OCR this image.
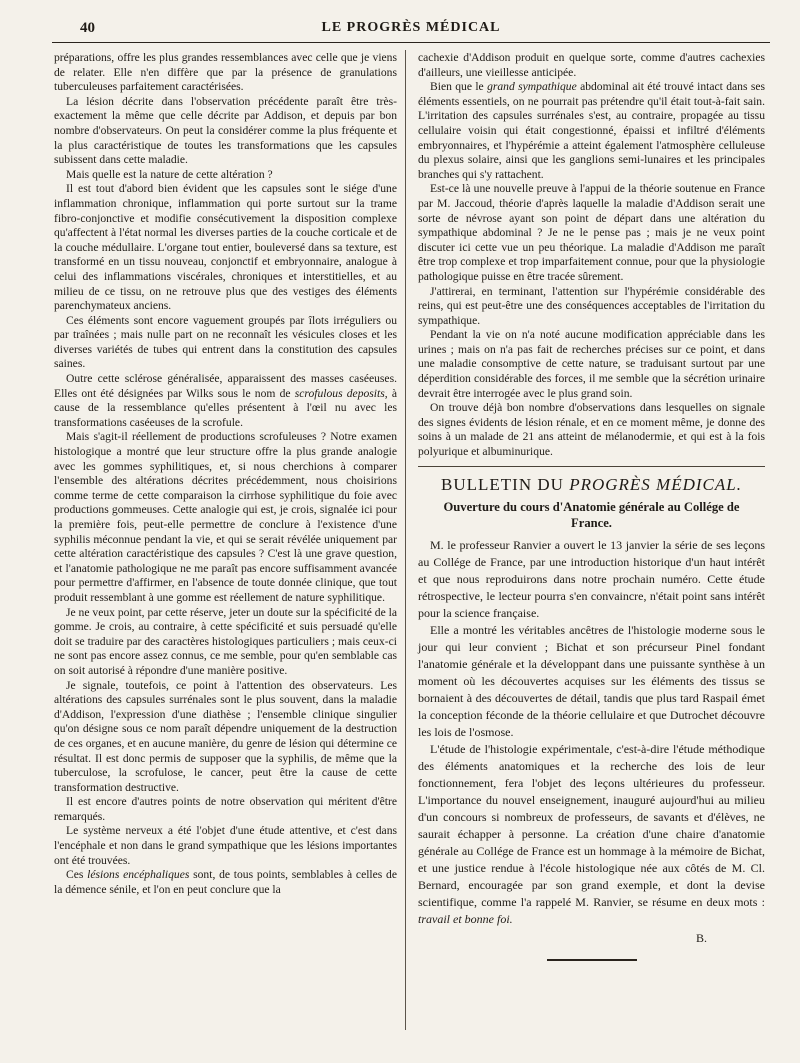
40	LE PROGRÈS MÉDICAL

préparations, offre les plus grandes ressemblances avec celle que je viens de relater. Elle n'en diffère que par la présence de granulations tuberculeuses parfaitement caractérisées.

La lésion décrite dans l'observation précédente paraît être très-exactement la même que celle décrite par Addison, et depuis par bon nombre d'observateurs. On peut la considérer comme la plus fréquente et la plus caractéristique de toutes les transformations que les capsules subissent dans cette maladie.

Mais quelle est la nature de cette altération ?

Il est tout d'abord bien évident que les capsules sont le siége d'une inflammation chronique, inflammation qui porte surtout sur la trame fibro-conjonctive et modifie consécutivement la disposition complexe qu'affectent à l'état normal les diverses parties de la couche corticale et de la couche médullaire. L'organe tout entier, bouleversé dans sa texture, est transformé en un tissu nouveau, conjonctif et embryonnaire, analogue à celui des inflammations viscérales, chroniques et interstitielles, et au milieu de ce tissu, on ne retrouve plus que des vestiges des éléments parenchymateux anciens.

Ces éléments sont encore vaguement groupés par îlots irréguliers ou par traînées ; mais nulle part on ne reconnaît les vésicules closes et les diverses variétés de tubes qui entrent dans la constitution des capsules saines.

Outre cette sclérose généralisée, apparaissent des masses caséeuses. Elles ont été désignées par Wilks sous le nom de scrofulous deposits, à cause de la ressemblance qu'elles présentent à l'œil nu avec les transformations caséeuses de la scrofule.

Mais s'agit-il réellement de productions scrofuleuses ? Notre examen histologique a montré que leur structure offre la plus grande analogie avec les gommes syphilitiques, et, si nous cherchions à comparer l'ensemble des altérations décrites précédemment, nous choisirions comme terme de cette comparaison la cirrhose syphilitique du foie avec productions gommeuses. Cette analogie qui est, je crois, signalée ici pour la première fois, peut-elle permettre de conclure à l'existence d'une syphilis méconnue pendant la vie, et qui se serait révélée uniquement par cette altération caractéristique des capsules ? C'est là une grave question, et l'anatomie pathologique ne me paraît pas encore suffisamment avancée pour permettre d'affirmer, en l'absence de toute donnée clinique, que tout produit ressemblant à une gomme est réellement de nature syphilitique.

Je ne veux point, par cette réserve, jeter un doute sur la spécificité de la gomme. Je crois, au contraire, à cette spécificité et suis persuadé qu'elle doit se traduire par des caractères histologiques particuliers ; mais ceux-ci ne sont pas encore assez connus, ce me semble, pour qu'en semblable cas on soit autorisé à répondre d'une manière positive.

Je signale, toutefois, ce point à l'attention des observateurs. Les altérations des capsules surrénales sont le plus souvent, dans la maladie d'Addison, l'expression d'une diathèse ; l'ensemble clinique singulier qu'on désigne sous ce nom paraît dépendre uniquement de la destruction de ces organes, et en aucune manière, du genre de lésion qui détermine ce résultat. Il est donc permis de supposer que la syphilis, de même que la tuberculose, la scrofulose, le cancer, peut être la cause de cette transformation destructive.

Il est encore d'autres points de notre observation qui méritent d'être remarqués.

Le système nerveux a été l'objet d'une étude attentive, et c'est dans l'encéphale et non dans le grand sympathique que les lésions importantes ont été trouvées.

Ces lésions encéphaliques sont, de tous points, semblables à celles de la démence sénile, et l'on en peut conclure que la

cachexie d'Addison produit en quelque sorte, comme d'autres cachexies d'ailleurs, une vieillesse anticipée.

Bien que le grand sympathique abdominal ait été trouvé intact dans ses éléments essentiels, on ne pourrait pas prétendre qu'il était tout-à-fait sain. L'irritation des capsules surrénales s'est, au contraire, propagée au tissu cellulaire voisin qui était congestionné, épaissi et infiltré d'éléments embryonnaires, et l'hypérémie a atteint également l'atmosphère celluleuse du plexus solaire, ainsi que les ganglions semi-lunaires et les principales branches qui s'y rattachent.

Est-ce là une nouvelle preuve à l'appui de la théorie soutenue en France par M. Jaccoud, théorie d'après laquelle la maladie d'Addison serait une sorte de névrose ayant son point de départ dans une altération du sympathique abdominal ? Je ne le pense pas ; mais je ne veux point discuter ici cette vue un peu théorique. La maladie d'Addison me paraît être trop complexe et trop imparfaitement connue, pour que la physiologie pathologique puisse en être tracée sûrement.

J'attirerai, en terminant, l'attention sur l'hypérémie considérable des reins, qui est peut-être une des conséquences acceptables de l'irritation du sympathique.

Pendant la vie on n'a noté aucune modification appréciable dans les urines ; mais on n'a pas fait de recherches précises sur ce point, et dans une maladie consomptive de cette nature, se traduisant surtout par une déperdition considérable des forces, il me semble que la sécrétion urinaire devrait être interrogée avec le plus grand soin.

On trouve déjà bon nombre d'observations dans lesquelles on signale des signes évidents de lésion rénale, et en ce moment même, je donne des soins à un malade de 21 ans atteint de mélanodermie, et qui est à la fois polyurique et albuminurique.

BULLETIN DU PROGRÈS MÉDICAL.
Ouverture du cours d'Anatomie générale au Collége de France.

M. le professeur Ranvier a ouvert le 13 janvier la série de ses leçons au Collége de France, par une introduction historique d'un haut intérêt et que nous reproduirons dans notre prochain numéro. Cette étude rétrospective, le lecteur pourra s'en convaincre, n'était point sans intérêt pour la science française.

Elle a montré les véritables ancêtres de l'histologie moderne sous le jour qui leur convient ; Bichat et son précurseur Pinel fondant l'anatomie générale et la développant dans une puissante synthèse à un moment où les découvertes acquises sur les éléments des tissus se bornaient à des découvertes de détail, tandis que plus tard Raspail émet la conception féconde de la théorie cellulaire et que Dutrochet découvre les lois de l'osmose.

L'étude de l'histologie expérimentale, c'est-à-dire l'étude méthodique des éléments anatomiques et la recherche des lois de leur fonctionnement, fera l'objet des leçons ultérieures du professeur. L'importance du nouvel enseignement, inauguré aujourd'hui au milieu d'un concours si nombreux de professeurs, de savants et d'élèves, ne saurait échapper à personne. La création d'une chaire d'anatomie générale au Collége de France est un hommage à la mémoire de Bichat, et une justice rendue à l'école histologique née aux côtés de M. Cl. Bernard, encouragée par son grand exemple, et dont la devise scientifique, comme l'a rappelé M. Ranvier, se résume en deux mots : travail et bonne foi.

B.
